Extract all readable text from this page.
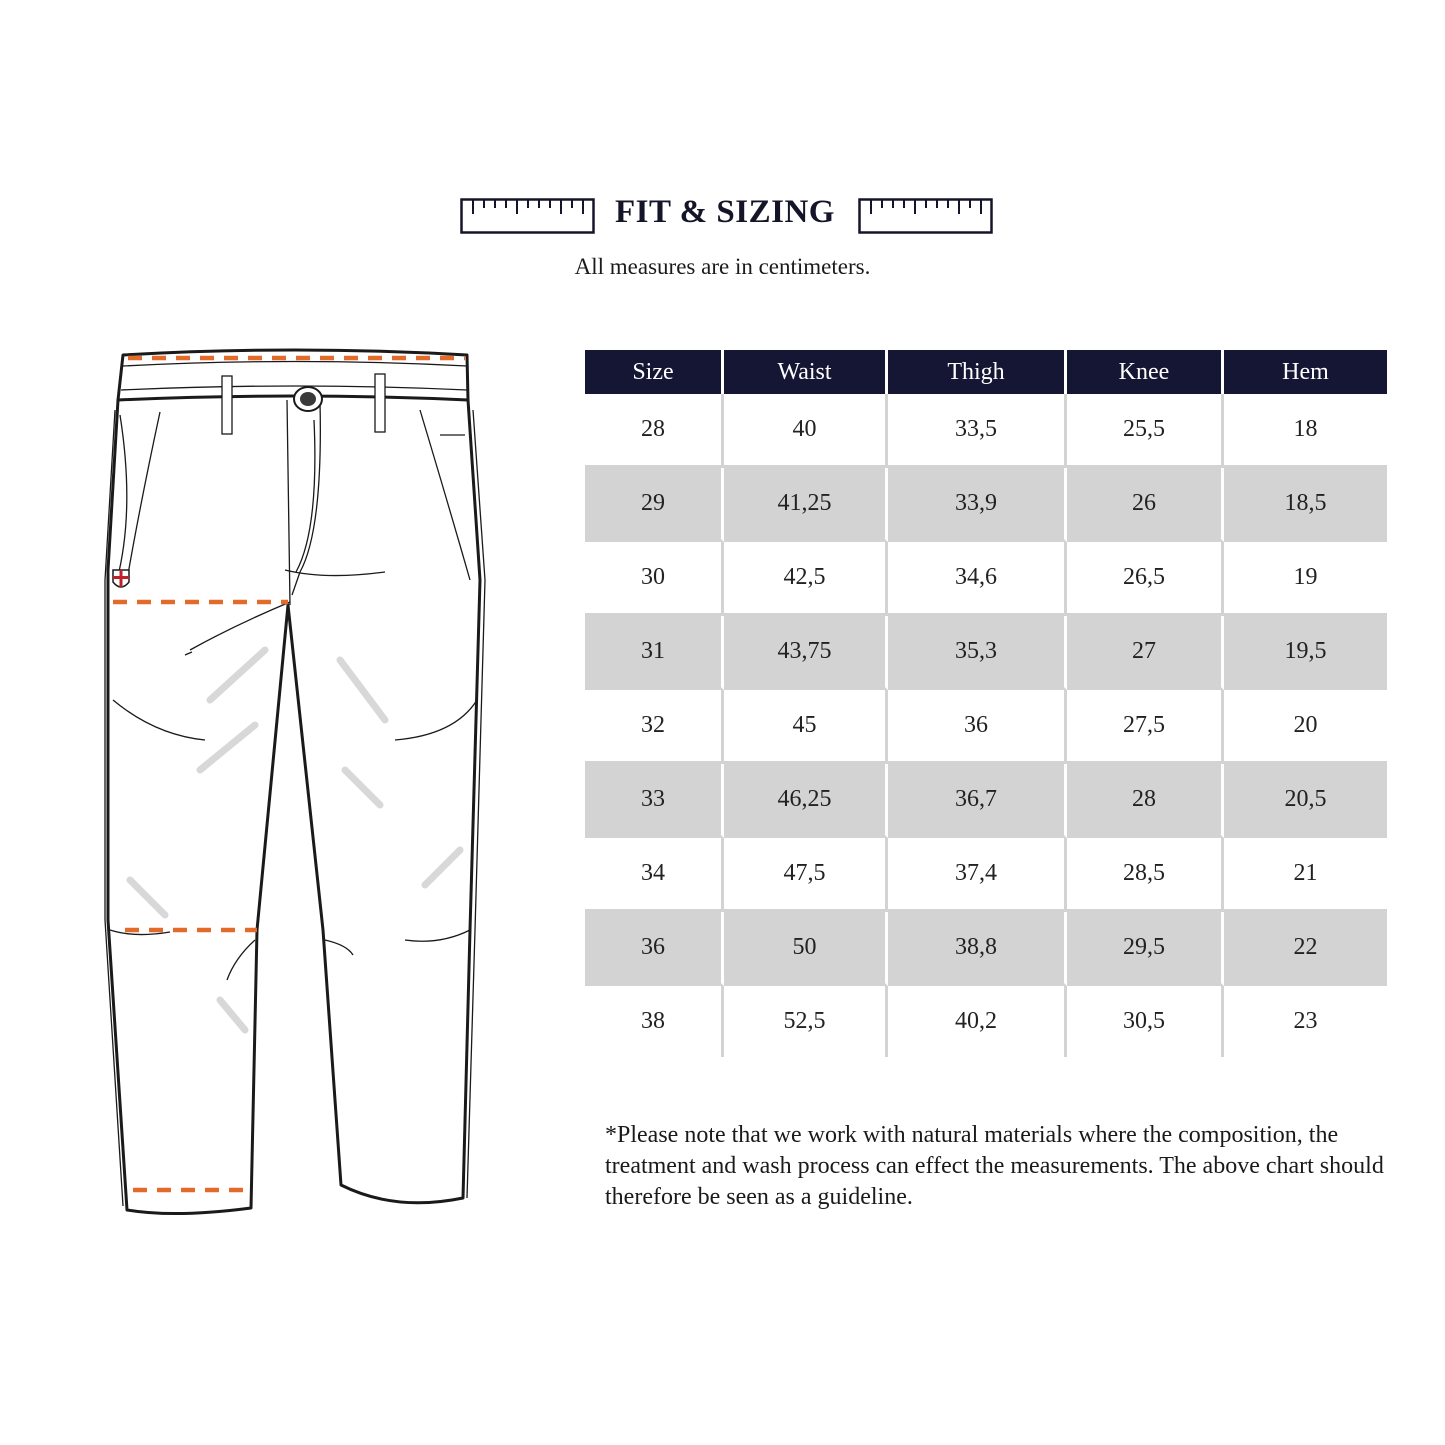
FIT & SIZING
All measures are in centimeters.
Size	Waist	Thigh	Knee	Hem
28	40	33,5	25,5	18
29	41,25	33,9	26	18,5
30	42,5	34,6	26,5	19
31	43,75	35,3	27	19,5
32	45	36	27,5	20
33	46,25	36,7	28	20,5
34	47,5	37,4	28,5	21
36	50	38,8	29,5	22
38	52,5	40,2	30,5	23
*Please note that we work with natural materials where the composition, the treatment and wash process can effect the measurements. The above chart should therefore be seen as a guideline.
